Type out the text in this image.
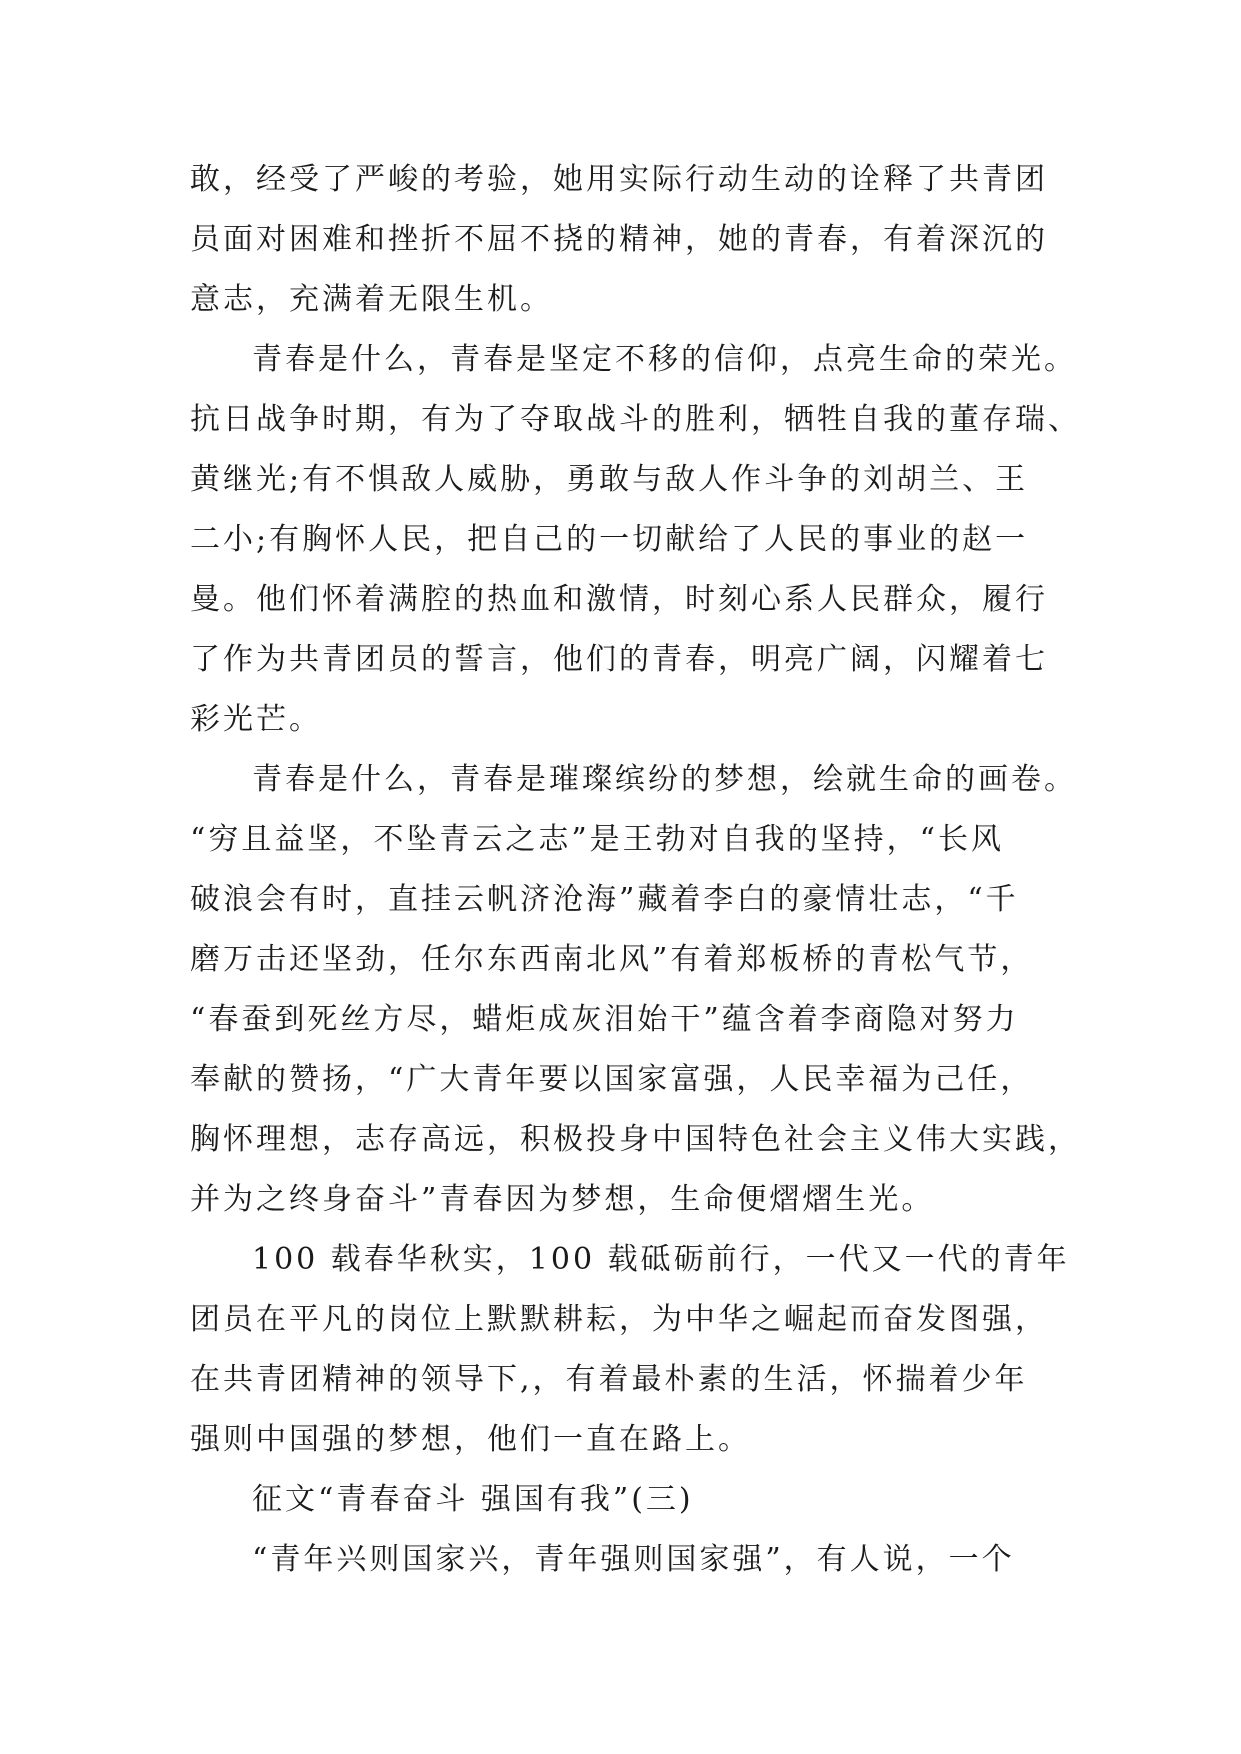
敢，经受了严峻的考验，她用实际行动生动的诠释了共青团
员面对困难和挫折不屈不挠的精神，她的青春，有着深沉的
意志，充满着无限生机。
青春是什么，青春是坚定不移的信仰，点亮生命的荣光。
抗日战争时期，有为了夺取战斗的胜利，牺牲自我的董存瑞、
黄继光;有不惧敌人威胁，勇敢与敌人作斗争的刘胡兰、王
二小;有胸怀人民，把自己的一切献给了人民的事业的赵一
曼。他们怀着满腔的热血和激情，时刻心系人民群众，履行
了作为共青团员的誓言，他们的青春，明亮广阔，闪耀着七
彩光芒。
青春是什么，青春是璀璨缤纷的梦想，绘就生命的画卷。
“穷且益坚，不坠青云之志”是王勃对自我的坚持，“长风
破浪会有时，直挂云帆济沧海”藏着李白的豪情壮志，“千
磨万击还坚劲，任尔东西南北风”有着郑板桥的青松气节，
“春蚕到死丝方尽，蜡炬成灰泪始干”蕴含着李商隐对努力
奉献的赞扬，“广大青年要以国家富强，人民幸福为己任，
胸怀理想，志存高远，积极投身中国特色社会主义伟大实践，
并为之终身奋斗”青春因为梦想，生命便熠熠生光。
100 载春华秋实，100 载砥砺前行，一代又一代的青年
团员在平凡的岗位上默默耕耘，为中华之崛起而奋发图强，
在共青团精神的领导下,，有着最朴素的生活，怀揣着少年
强则中国强的梦想，他们一直在路上。
征文“青春奋斗 强国有我”(三)
“青年兴则国家兴，青年强则国家强”，有人说，一个
